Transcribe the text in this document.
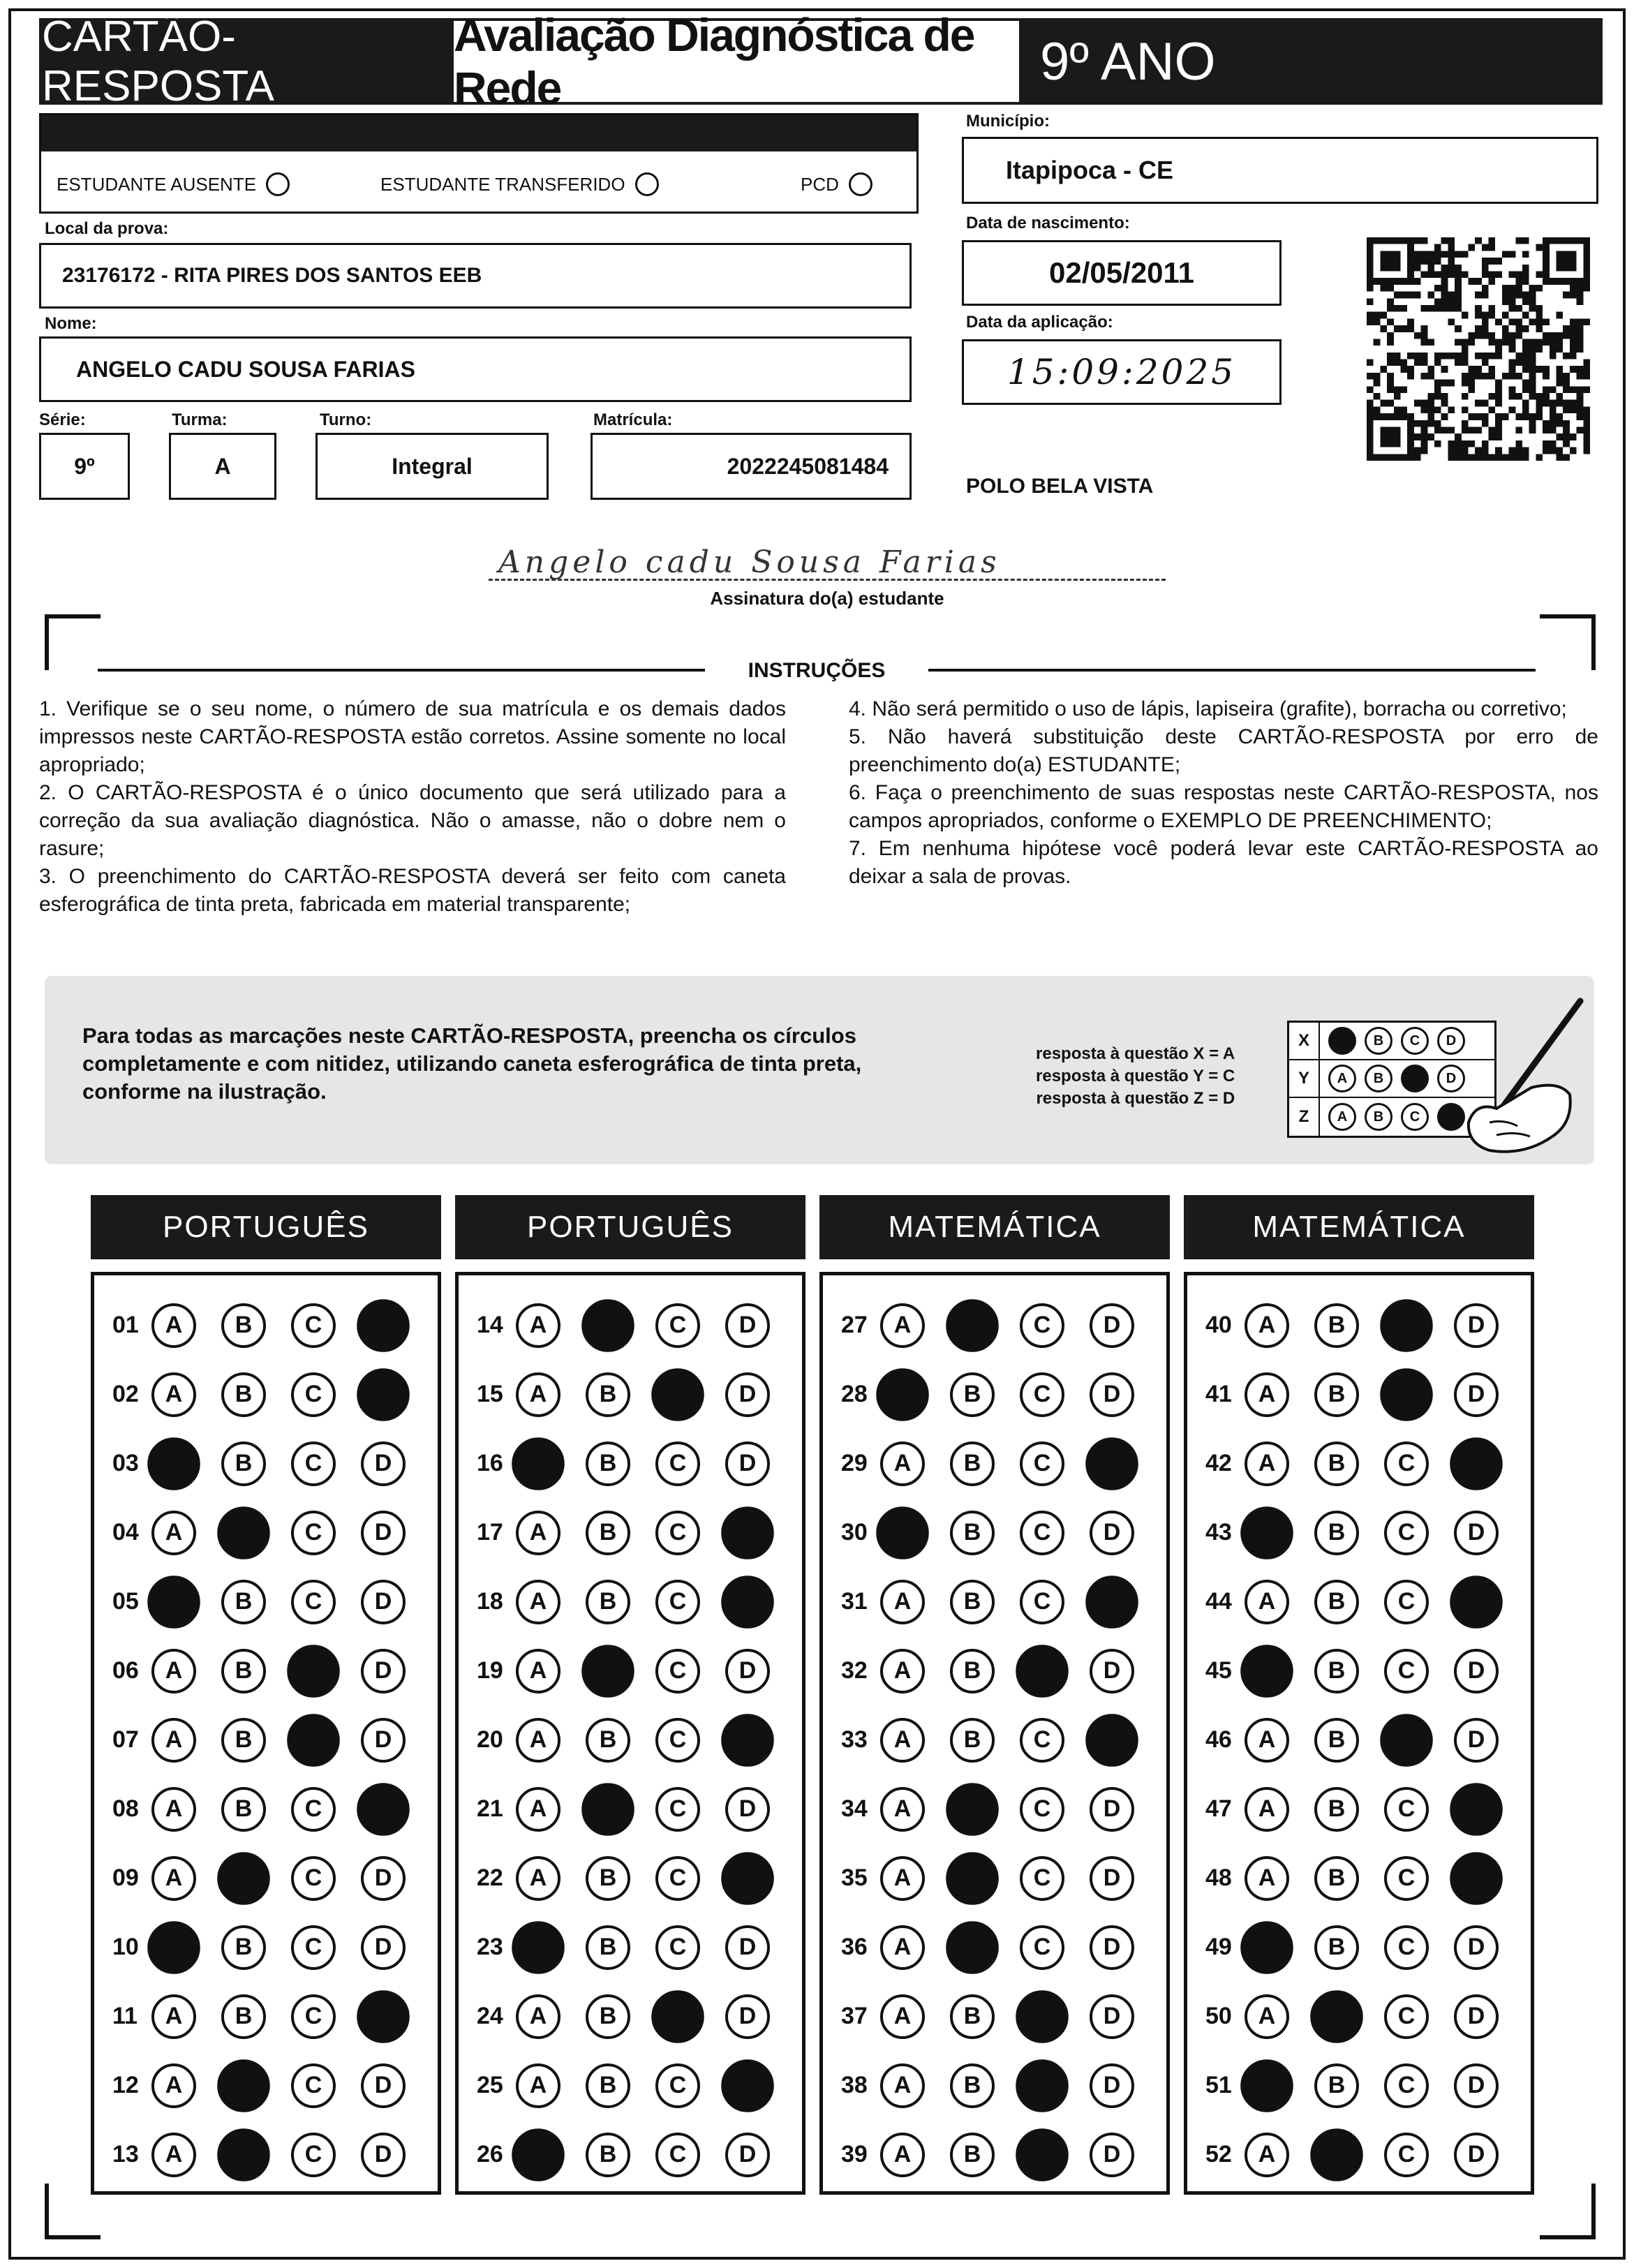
CARTÃO-RESPOSTA
Avaliação Diagnóstica de Rede	9º ANO
ESTUDANTE AUSENTE	ESTUDANTE TRANSFERIDO	PCD
Local da prova:
23176172 - RITA PIRES DOS SANTOS EEB
Nome:
ANGELO CADU SOUSA FARIAS
Série:	Turma:	Turno:	Matrícula:
9º	A	Integral	2022245081484
Município:
Itapipoca - CE
Data de nascimento:
02/05/2011
Data da aplicação:
15:09:2025
POLO BELA VISTA
Angelo cadu Sousa Farias
Assinatura do(a) estudante
INSTRUÇÕES
1. Verifique se o seu nome, o número de sua matrícula e os demais dados impressos neste CARTÃO-RESPOSTA estão corretos. Assine somente no local apropriado;
2. O CARTÃO-RESPOSTA é o único documento que será utilizado para a correção da sua avaliação diagnóstica. Não o amasse, não o dobre nem o rasure;
3. O preenchimento do CARTÃO-RESPOSTA deverá ser feito com caneta esferográfica de tinta preta, fabricada em material transparente;
4. Não será permitido o uso de lápis, lapiseira (grafite), borracha ou corretivo;
5. Não haverá substituição deste CARTÃO-RESPOSTA por erro de preenchimento do(a) ESTUDANTE;
6. Faça o preenchimento de suas respostas neste CARTÃO-RESPOSTA, nos campos apropriados, conforme o EXEMPLO DE PREENCHIMENTO;
7. Em nenhuma hipótese você poderá levar este CARTÃO-RESPOSTA ao deixar a sala de provas.
Para todas as marcações neste CARTÃO-RESPOSTA, preencha os círculos completamente e com nitidez, utilizando caneta esferográfica de tinta preta, conforme na ilustração.
resposta à questão X = A
resposta à questão Y = C
resposta à questão Z = D
X	A	B	C	D
Y	A	B	C	D
Z	A	B	C	D
PORTUGUÊS
01	A	B	C	D
02	A	B	C	D
03	A	B	C	D
04	A	B	C	D
05	A	B	C	D
06	A	B	C	D
07	A	B	C	D
08	A	B	C	D
09	A	B	C	D
10	A	B	C	D
11	A	B	C	D
12	A	B	C	D
13	A	B	C	D
PORTUGUÊS
14	A	B	C	D
15	A	B	C	D
16	A	B	C	D
17	A	B	C	D
18	A	B	C	D
19	A	B	C	D
20	A	B	C	D
21	A	B	C	D
22	A	B	C	D
23	A	B	C	D
24	A	B	C	D
25	A	B	C	D
26	A	B	C	D
MATEMÁTICA
27	A	B	C	D
28	A	B	C	D
29	A	B	C	D
30	A	B	C	D
31	A	B	C	D
32	A	B	C	D
33	A	B	C	D
34	A	B	C	D
35	A	B	C	D
36	A	B	C	D
37	A	B	C	D
38	A	B	C	D
39	A	B	C	D
MATEMÁTICA
40	A	B	C	D
41	A	B	C	D
42	A	B	C	D
43	A	B	C	D
44	A	B	C	D
45	A	B	C	D
46	A	B	C	D
47	A	B	C	D
48	A	B	C	D
49	A	B	C	D
50	A	B	C	D
51	A	B	C	D
52	A	B	C	D
